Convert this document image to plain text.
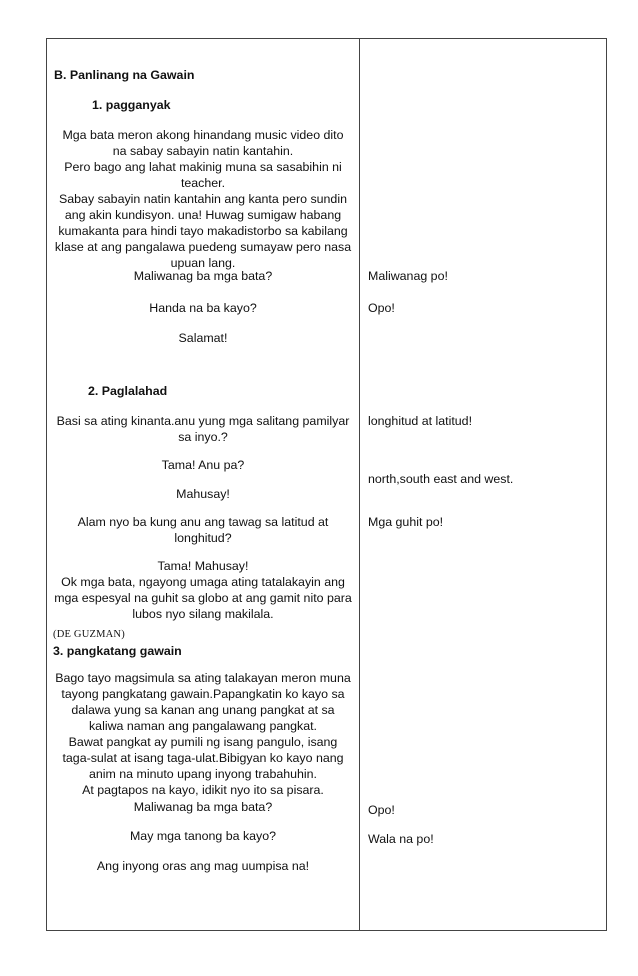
B. Panlinang na Gawain
1. pagganyak
Mga bata meron akong hinandang music video dito
na sabay sabayin natin kantahin.
Pero bago ang lahat makinig muna sa sasabihin ni
teacher.
Sabay sabayin natin kantahin ang kanta pero sundin
ang akin kundisyon. una! Huwag sumigaw habang
kumakanta para hindi tayo makadistorbo sa kabilang
klase at ang pangalawa puedeng sumayaw pero nasa
upuan lang.
Maliwanag ba mga bata?
Handa na ba kayo?
Salamat!
2. Paglalahad
Basi sa ating kinanta.anu yung mga salitang pamilyar
sa inyo.?
Tama! Anu pa?
Mahusay!
Alam nyo ba kung anu ang tawag sa latitud at
longhitud?
Tama! Mahusay!
Ok mga bata, ngayong umaga ating tatalakayin ang
mga espesyal na guhit sa globo at ang gamit nito para
lubos nyo silang makilala.
(DE GUZMAN)
3. pangkatang gawain
Bago tayo magsimula sa ating talakayan meron muna
tayong pangkatang gawain.Papangkatin ko kayo sa
dalawa yung sa kanan ang unang pangkat at sa
kaliwa naman ang pangalawang pangkat.
Bawat pangkat ay pumili ng isang pangulo, isang
taga-sulat at isang taga-ulat.Bibigyan ko kayo nang
anim na minuto upang inyong trabahuhin.
At pagtapos na kayo, idikit nyo ito sa pisara.
Maliwanag ba mga bata?
May mga tanong ba kayo?
Ang inyong oras ang mag uumpisa na!
Maliwanag po!
Opo!
longhitud at latitud!
north,south east and west.
Mga guhit po!
Opo!
Wala na po!
